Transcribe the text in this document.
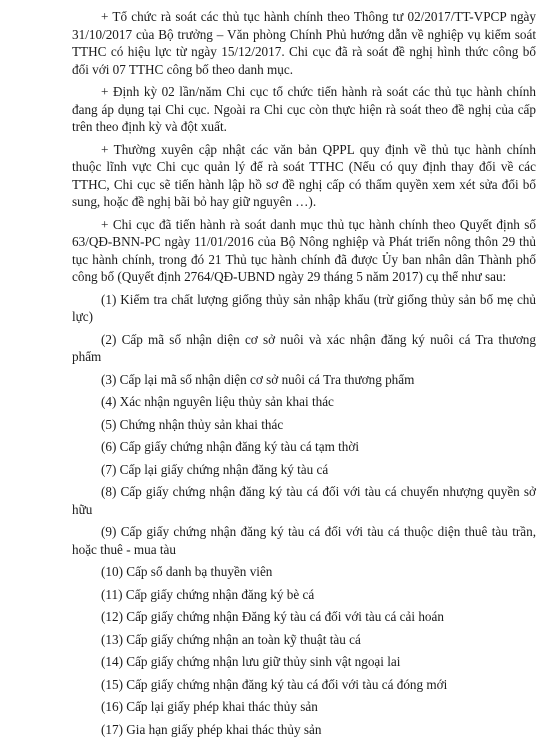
+ Tổ chức rà soát các thủ tục hành chính theo Thông tư 02/2017/TT-VPCP ngày 31/10/2017 của Bộ trưởng – Văn phòng Chính Phủ hướng dẫn về nghiệp vụ kiểm soát TTHC có hiệu lực từ ngày 15/12/2017. Chi cục đã rà soát đề nghị hình thức công bố đối với 07 TTHC công bố theo danh mục.

+ Định kỳ 02 lần/năm Chi cục tổ chức tiến hành rà soát các thủ tục hành chính đang áp dụng tại Chi cục. Ngoài ra Chi cục còn thực hiện rà soát theo đề nghị của cấp trên theo định kỳ và đột xuất.

+ Thường xuyên cập nhật các văn bản QPPL quy định về thủ tục hành chính thuộc lĩnh vực Chi cục quản lý để rà soát TTHC (Nếu có quy định thay đổi về các TTHC, Chi cục sẽ tiến hành lập hồ sơ đề nghị cấp có thẩm quyền xem xét sửa đổi bổ sung, hoặc đề nghị bãi bỏ hay giữ nguyên …).

+ Chi cục đã tiến hành rà soát danh mục thủ tục hành chính theo Quyết định số 63/QĐ-BNN-PC ngày 11/01/2016 của Bộ Nông nghiệp và Phát triển nông thôn 29 thủ tục hành chính, trong đó 21 Thủ tục hành chính đã được Ủy ban nhân dân Thành phố công bố (Quyết định 2764/QĐ-UBND ngày 29 tháng 5 năm 2017) cụ thể như sau:

(1) Kiểm tra chất lượng giống thủy sản nhập khẩu (trừ giống thủy sản bố mẹ chủ lực)
(2) Cấp mã số nhận diện cơ sở nuôi và xác nhận đăng ký nuôi cá Tra thương phẩm
(3) Cấp lại mã số nhận diện cơ sở nuôi cá Tra thương phẩm
(4) Xác nhận nguyên liệu thủy sản khai thác
(5) Chứng nhận thủy sản khai thác
(6) Cấp giấy chứng nhận đăng ký tàu cá tạm thời
(7) Cấp lại giấy chứng nhận đăng ký tàu cá
(8) Cấp giấy chứng nhận đăng ký tàu cá đối với tàu cá chuyển nhượng quyền sở hữu
(9) Cấp giấy chứng nhận đăng ký tàu cá đối với tàu cá thuộc diện thuê tàu trần, hoặc thuê - mua tàu
(10) Cấp sổ danh bạ thuyền viên
(11) Cấp giấy chứng nhận đăng ký bè cá
(12) Cấp giấy chứng nhận Đăng ký tàu cá đối với tàu cá cải hoán
(13) Cấp giấy chứng nhận an toàn kỹ thuật tàu cá
(14) Cấp giấy chứng nhận lưu giữ thủy sinh vật ngoại lai
(15) Cấp giấy chứng nhận đăng ký tàu cá đối với tàu cá đóng mới
(16) Cấp lại giấy phép khai thác thủy sản
(17) Gia hạn giấy phép khai thác thủy sản
